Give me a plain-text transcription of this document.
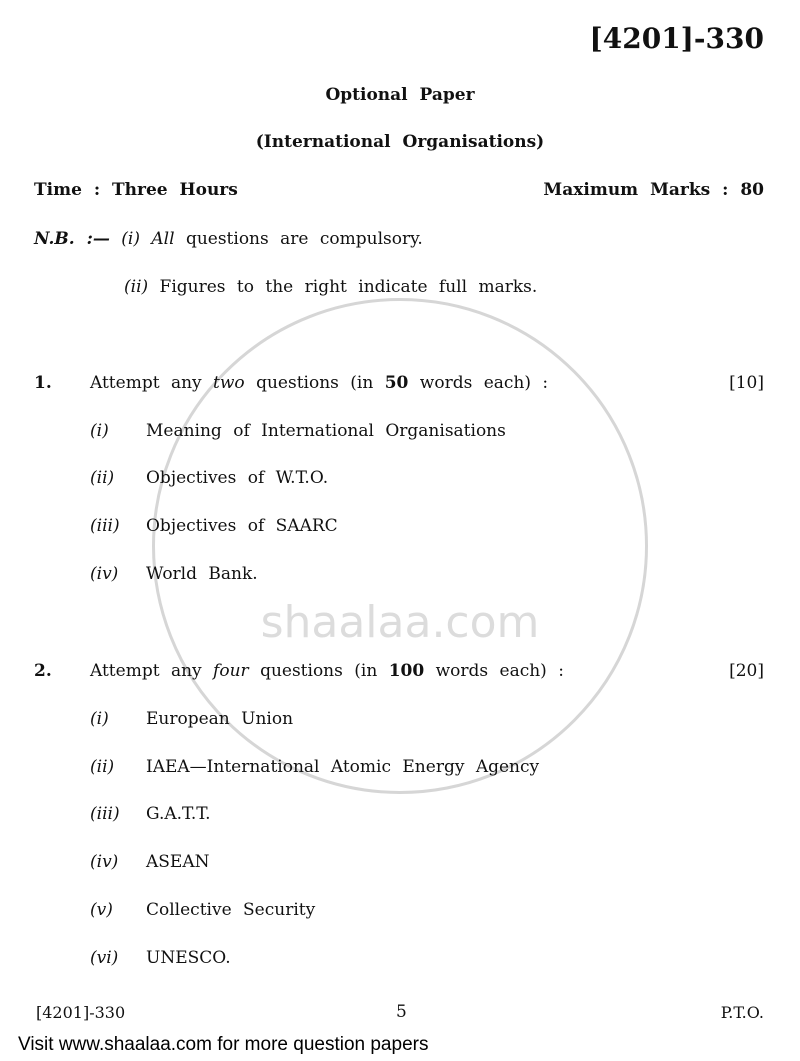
shaalaa.com
[4201]-330
Optional Paper
(International Organisations)
Time : Three Hours	Maximum Marks : 80
N.B. :— (i) All questions are compulsory.
(ii) Figures to the right indicate full marks.
1. Attempt any two questions (in 50 words each) :	[10]
(i) Meaning of International Organisations
(ii) Objectives of W.T.O.
(iii) Objectives of SAARC
(iv) World Bank.
2. Attempt any four questions (in 100 words each) :	[20]
(i) European Union
(ii) IAEA—International Atomic Energy Agency
(iii) G.A.T.T.
(iv) ASEAN
(v) Collective Security
(vi) UNESCO.
[4201]-330	5	P.T.O.
Visit www.shaalaa.com for more question papers
